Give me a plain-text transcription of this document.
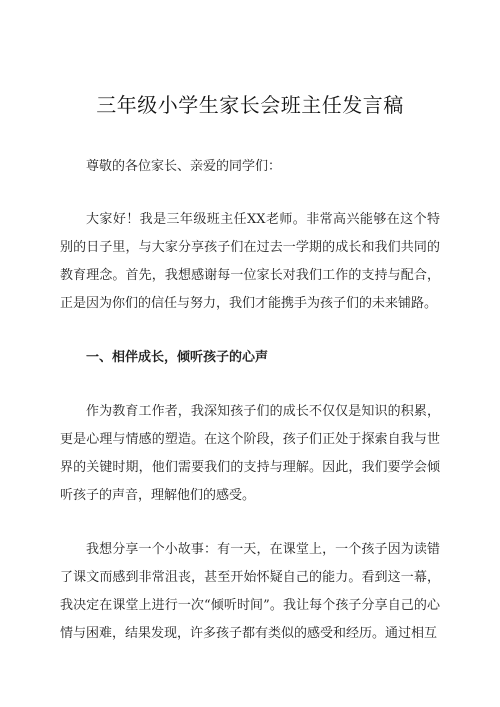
三年级小学生家长会班主任发言稿

尊敬的各位家长、亲爱的同学们：

大家好！我是三年级班主任XX老师。非常高兴能够在这个特别的日子里，与大家分享孩子们在过去一学期的成长和我们共同的教育理念。首先，我想感谢每一位家长对我们工作的支持与配合，正是因为你们的信任与努力，我们才能携手为孩子们的未来铺路。

一、相伴成长，倾听孩子的心声

作为教育工作者，我深知孩子们的成长不仅仅是知识的积累，更是心理与情感的塑造。在这个阶段，孩子们正处于探索自我与世界的关键时期，他们需要我们的支持与理解。因此，我们要学会倾听孩子的声音，理解他们的感受。

我想分享一个小故事：有一天，在课堂上，一个孩子因为读错了课文而感到非常沮丧，甚至开始怀疑自己的能力。看到这一幕，我决定在课堂上进行一次“倾听时间”。我让每个孩子分享自己的心情与困难，结果发现，许多孩子都有类似的感受和经历。通过相互
